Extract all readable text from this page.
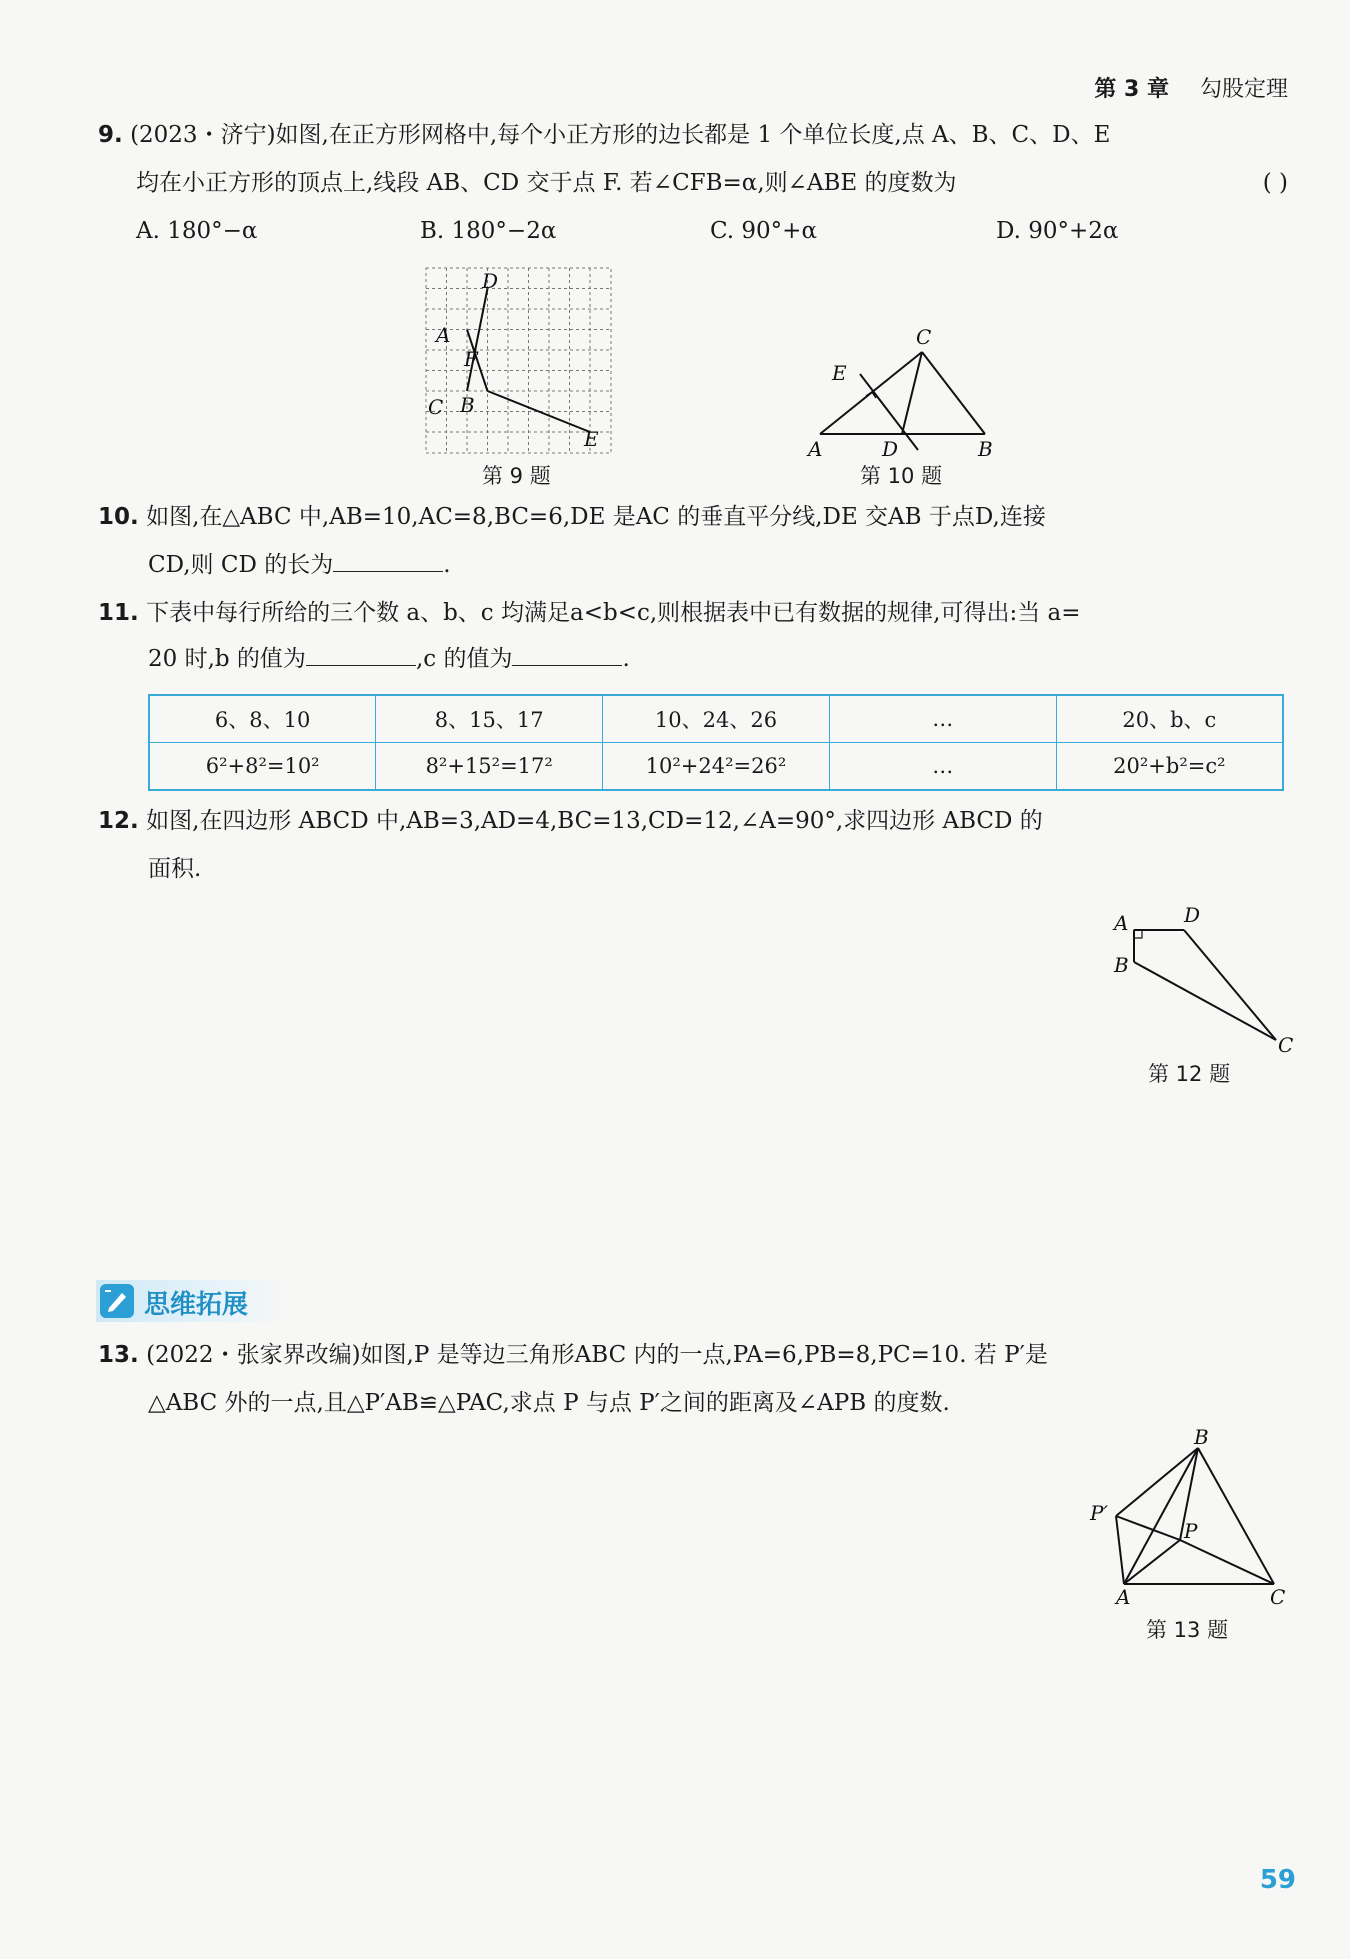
第 3 章 勾股定理
9. (2023・济宁)如图,在正方形网格中,每个小正方形的边长都是 1 个单位长度,点 A、B、C、D、E
均在小正方形的顶点上,线段 AB、CD 交于点 F. 若∠CFB=α,则∠ABE 的度数为	( )
A. 180°−α	B. 180°−2α	C. 90°+α	D. 90°+2α
D
A
F
C B
E
第 9 题
C
E
A	D	B
第 10 题
10. 如图,在△ABC 中,AB=10,AC=8,BC=6,DE 是AC 的垂直平分线,DE 交AB 于点D,连接
CD,则 CD 的长为	.
11. 下表中每行所给的三个数 a、b、c 均满足a<b<c,则根据表中已有数据的规律,可得出:当 a=
20 时,b 的值为	,c 的值为	.
6、8、10	8、15、17	10、24、26	…	20、b、c
6²+8²=10²	8²+15²=17²	10²+24²=26²	…	20²+b²=c²
12. 如图,在四边形 ABCD 中,AB=3,AD=4,BC=13,CD=12,∠A=90°,求四边形 ABCD 的
面积.
A	D
B
C
第 12 题
思维拓展
13. (2022・张家界改编)如图,P 是等边三角形ABC 内的一点,PA=6,PB=8,PC=10. 若 P′是
△ABC 外的一点,且△P′AB≌△PAC,求点 P 与点 P′之间的距离及∠APB 的度数.
B
P′
P
A	C
第 13 题
59
